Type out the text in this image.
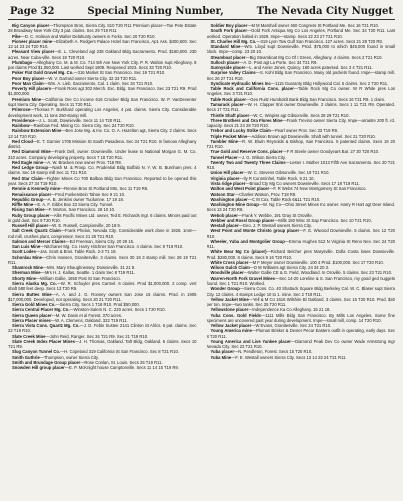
Page 32	Special Mining Number,	The Nevada City Nugget

Big Canyon placer—Thompson Bros, Sierra City. 810 T20 R11 Premium placer—Toe Pete Estate 28 Broadway New York City 3 pat. claims. Sec 29 T19 R11

Pike—D. C. Holman and Walter Delahunty owners in Forks. Sec 20 T20 R10.

Pioneer placer mine—Elizabeth A. Rodgers Palace Hotel San Francisco, Ap1 Ass. $400,600. Sec 13 14 23 24 T20 R10.

Pleasant View placer—E. L. Cleveland agt 238 Oakland Bldg Sacramento. Prod. $160,000. 230 acres. Near Cuba-ville. Secs 18 T20 R10.

Plumbago—Alleghany Co. M. & M. Co. 714 5th Ave New York City. P. R. Walton supt Alleghany. 8 pat claims Prod $1,050,000. Last worked Sept 1909. Reopened 1923. Secs 33 T20 R10.

Poker Flat Gold Gravel Mg. Co.—316 Market St San Francisco. Sec 19 T21 R10.

Poor Boy placer—W. V. Garrard owner Sierra City. 32 33 T20 R11.

Poor Man Claim—Wm. A. Lieb. Sacramento, Cal. 1 claim. Sec 34 T21 R10.

Poverty Hill placers—Frank Ross agt 302 Merch. Exc. Bldg. San Francisco. Sec 23 T21 R9. Prod $1,000,000.

Premium Mine—California Ore Co income 616 Crocker Bldg San Francisco. W. P. VanDeventer supt Sierra City. Operating. Secs 11 T20 R11.

Primrose—Thomas F. Burkhard operating Los Angeles, 4 pat. claims. Sierra City. Considerable development work, 11 tons 250-stamp mill.

Providence—J. L. Scott, Downieville. Secs 11 14 T20 R11.

Rainbow—Rainbow Fed. Mining Co. Sierra City. Sec 24 T20 R10.

Rainbow Extension Mine—Ben Jose Mg. & Inv. Co. O. A. Hazelton agt, Sierra City. 2 claims. Secs 13 14 T20 R10.

Red Cloud—E. T. Garnier 1705 Mission St South Pasadena. Sec 34 T21 R10. In famous Alleghany district.

Red Diamond Mine—Frank Dell, owner. Downieville. Under lease to National Morgan G. M. Co. 310 acres. Company developing property. Secs 7 18 T20 R11.

Red Eagle mine—A. W. Bracken new owner Prov. T18 R8.

Red Ledge Group—Nash M. & Prosp. Co. Prudential Bldg Buffalo N. Y. W. B. Burnham pres. 4 claims. Sec 19 stamp mill Sec 11 T21 R10.

Red Star Claim—Fighter Mines Co 700 Balboa Bldg San Francisco. Reported to be opened this year. Secs 27 34 T19 R10.

Rennie & Kennedy mine—Rennie Bros St Portland Mtn, Sec 11 T19 R6.

Renaissance placer—Fred Funkenstein Tahoe Sec 9 21 10.

Republic Group—A. B. Jenkins owner Tuolumne. 17 19 18.

Riffle Mine—E. A. F. Gibbs Box 33 Sierra City. Tunnel.

Rising Sun Mine—F. Morton, San Francisco. 28 10 10.

Ruby Group placer—Allis Pacific Mines Ltd. owner, Ted E. Richards mgr. 6 claims. Minors paid out in gold dust. Sec 9 T20 R10.

Russell Hill placer—W. E. Russell, Campionville, 20 18 9.

Salt Creek Quartz Claim—Frank Phelan, Nevada City. Considerable work done in 1928. 1mm—rod mill, crushes plant, compressor. Secs 21 28 T21 R10.

Salmon and Mercer Claims—Ed Freeman, Sierra City. 20 29 15.

San Luis Mine—Nitchaner Mg. Co. Harry Hitchner San Francisco. 4 claims. Sec 9 T19 R10.

Scott Lodes—Jas. Scott & Bros. Table Rock. 2-3 T1 19.

Schonlau Mine—Chris Hansen, Granitesville. 3 claims. Secs 30 19 3 stamp mill. Sec 28 19 T21 R11.

Shamrock Mine—Mrs. Mary Shaughnessey, Downieville. 31 21 9.

Sherman Mine—Mrs H. J. Kallas, Seattle. 1 claim Sec 8 T19 R11.

Shorty Mine—William Gallie, 1650 Post St San Francisco.

Sierra Alaska Mg. Co.—W. R. Schuyler pres Carmel. 6 claims. Prod $1,000,000. 2 comp. vert shaft 580 feet deep. Secs 13 T20 R9.

Sierra Buttes Mine—A. A. and J. G. Rooney owners San Jose 15 claims. Prod. in 1905 $17,000,000. Developed, not operating. Secs 20 21 T20 R11.

Sierra Gold Mines Co.—Sierra City. Secs 1 T19 R10. Prod $50,000.

Sierra Central Placer Mg. Co.—Winston-Salem N. C. 220 acres. Secs 1 T20 R10.

Sierra Queen placer—M. W. Davis et al Forest. 370 acres.

Sierra Placer mines—W. A. Clemens, Oakland. 322 T19 R11.

Sierra Vista Cons. Quartz Mg. Co.—J. D. Feble trustee 2141 Clinton St Ahlcs. 5 pat. claims. Sec 22 T19 R10.

Slate Creek Mine—John Reid, Ranger. Sec 34 T21 R9. Sec 21 T19 R10.

Slate Creek Index Placer Mines—J. H. Thomas, Oakland. Taft Bldg, Oakland. 5 claims. Secs 10 T21 R9.

Slug Canyon Tunnel Co.—H. Copeland 319 California St San Francisco. Sec 8 T21 R10.

Smith Guthrie—Thompson, owner Sierra City.

Smith and Brundage Group placer—Rose Conlan, St. Louis. Secs 25 T19 R11.

Snowden Hill group placer—E. P. McKnight house Camptonville. Secs 11 14 15 T19 R9.

Soldier Boy placer—M M Marshall owner 460 Congress St Portland Me. Sec 16 T21 R10.

South Fork placer—Gold Fork Antiqua Mg Co Los Angeles, Portland Me. Sec 34 T20 R11. Last worked. Operation halted in 1929. Impe—stamp. Secs 22 23 27 T21 R10.

St. Charles Hill Mg. Co.—319 Lyon Tow Gulf San Francisco. 127 acres. Secs 21 28 T20 R8.

Standard Mine—Wm. Lloyd supt Downieville. Prod. $75,000 to which $45,000 found in small block. Impe—comp. 23 20 10.

Steamboat placer—Big Steamboat Mg Co Of I Green, Alleghany. 4 claims. Secs 2 T21 R10.

Sulloch placer—A. D. Post agt La Porte. Sec 34 T21 R9.

Sunnyside placer—L. and Annie Jones, Quincy. 160 acres patented. Sec 3 4 T21 R11.

Surprise Valley Claims—S. Kohl Bldg San Francisco. Many old pockets found. Impe—stamp mill. Sec 26 27 T21 R10.

Syndicate Hydraulic Mines Inc—1115 Guaranty Bldg Hollywood Cal. 5 claims. Sec 2 T20 R11.

Table Rock and California Cons. placer—Table Rock Mg Co owner. W R White pres Los Angeles. Sec 3 T21 R10.

Table Rock placer—Geo Ruitz Humboldt Bank Bldg San Francisco. Secs 16 T21 R9. 1 claim.

Tamarack placer—W. H. Clapper Itnit owner Downieville. 2 claims. Secs 1 11 T21 R9. Operated. Secs 17 T21 R11.

Thistle Shaft placer—W. C. Winpiss agt Gibsonville. Secs 28 29 T21 R10.

Three Brothers and Ora Flores Mine—Frank Trevino owner Sierra City. Impe—arrastre 200 ft. rd. capacity. Secs 21 24 28 T20 R10.

Trebor and Lucky Strike Claim—Pearl owner Prov. Sec 33 T19 R9.

Triple Pocket Mine—Addison Brown agt Downieville. Shaft with tunnel. Sec 21 T20 R10.

Tumbler Mine—R. W. Elwin Reynolds & Bishop, San Francisco. 5 patented claims. Secs 19 20 T21 R10.

True Gold and Reserve Cons. placer—F R Steele owner Goodyears Bar. 27 30 T20 R10.

Tunnel Placer—J. G. Wilson Sierra City.

Twenty Two and Twenty Three Claims—Lester I. Mather 1013 Fifth Ave Sacramento. Sec 20 T21 R10.

Union Hill placer—W. C. Stevens Gibsonville. Sec 19 T21 R10.

Virginia placer—Ily R Cunnninhel, Table Rock. 9 21 10.

Vista ridge placer—Broad Cty Mg Co owners Downieville. Secs 17 18 T19 R11.

Walton and West Point placer—F. R Webs 74 New Montgomery St San Francisco.

Watson Star—Charles Watson, Prov. T18 R9.

Washington placer—C M Cox, Table Rock 6&11 T21 R10.

Washington Mine Group—W. Ng Co—Ohio Street Mines Inc owner. Harry R Hart agt Deer Island. Secs 13 24 T20 R8.

Webob placer—Frank Y. Webbe, 191 Gray St Oroville.

Webber and Rossl Group placer—Mills 180 Wisc St Sap Francisco. Sec 10 T21 R10.

Westall placer—Geo. J. P. Westall owners Sierra City.

West Point and Monte Christo group placer—F. E. Wiwood Downieville. 5 claims. Sec 12 T20 R10.

Wheeler, Yuba and Montgolier Group—Emma Hughes 512 N Virginia St Reno Nev. Sec 24 T20 R11.

White Bear Mg Co (placer)—Richard Belcher pres Marysville. Dolla Costa loses Downieville. Prod. $280,000. 8 claims. Secs 9 16 T20 R10.

White Cross placer—M F Meyer owner Downieville. 100 4 Prod. $100,000. Sec 17 T20 R10.

Wilson Gulch Claim—D M Williams agt Sierra City. 24 34 20 3.

Woodville placer—Walter Gallie CE & G. Field, Woodland. In Oroville. 5 claims. Sec 23 T21 R10.

Warren-North Fork Gravel Mines—Sec 14-20 Loreline & S. San Francisco, my good ged nuggets found. Sec 1 T21 R10. Worked.

Wonder Group—Sierra Cons. Co. 40 Shattuck Square Bldg Berkeley Cal. W. C. Blaser supt Sierra City. 12 claims. 4 stamps Ledge 10 to 1. mine. Sec 2 T19 R11.

Yellow Jacket Mine—Yell & M Co 1616 Wilshire Bl Oakland. 3 claims. Sec 15 T20 R10. Prod. $40 per ton. Impe—two tanks. Sec 25 T20 R11.

Yellowstone placer—Independence Ka Co Alleghany. 15 21 18.

Yuba Cons. Gold Fields—1111 Mills Bldg San Francisco. By Mills Los Angeles. Some fine specimens are uncovered past year during development. Impe—small mill, comp. 14 T20 R10.

Yellow Jacket placer—W Evans, Granitesville. Sec 24 T21 R10.

Young America mine—Plumas Brisker & Dexter Pecar Eastern outfit in operating, early days. Sec 8 T20 R11.

Young America and Live Yankee placer—Diamond Peak Dev Co owner Wade Armstrong mgr Nevada City. Sec 23 T21 R10.

Yuba placer—N. Pendleton, Forest. Secs 15 T20 R10.

Yuba Mine—F. E. Westall owners Sierra City. Secs 13 14 23 24 T21 R11.
